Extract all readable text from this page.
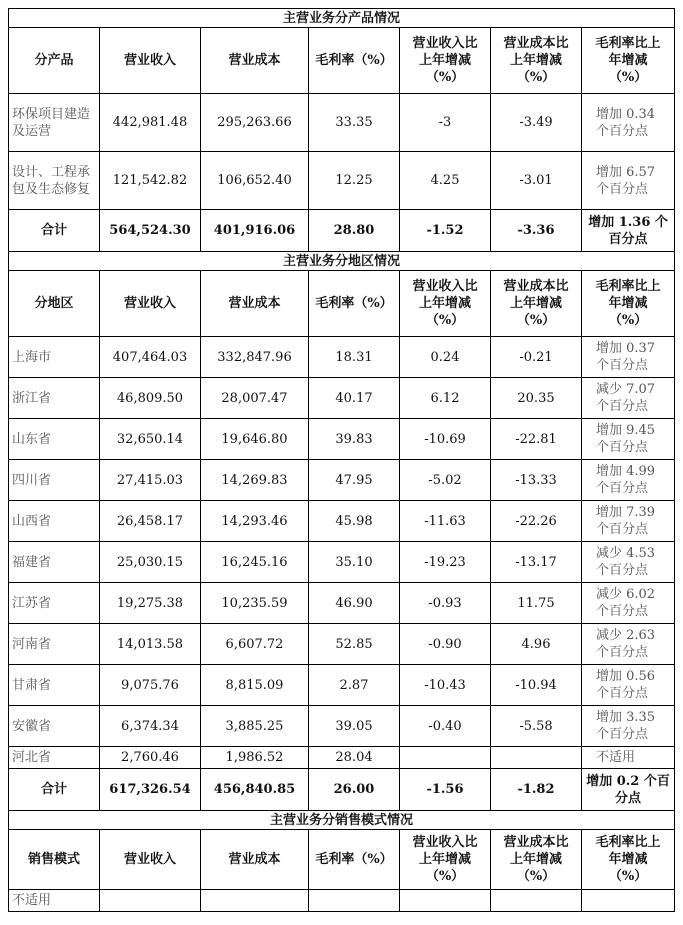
主营业务分产品情况						
分产品	营业收入	营业成本	毛利率（%）	营业收入比上年增减（%）	营业成本比上年增减（%）	毛利率比上年增减（%）
环保项目建造及运营	442,981.48	295,263.66	33.35	-3	-3.49	增加 0.34 个百分点
设计、工程承包及生态修复	121,542.82	106,652.40	12.25	4.25	-3.01	增加 6.57 个百分点
合计	564,524.30	401,916.06	28.80	-1.52	-3.36	增加 1.36 个百分点
主营业务分地区情况						
分地区	营业收入	营业成本	毛利率（%）	营业收入比上年增减（%）	营业成本比上年增减（%）	毛利率比上年增减（%）
上海市	407,464.03	332,847.96	18.31	0.24	-0.21	增加 0.37 个百分点
浙江省	46,809.50	28,007.47	40.17	6.12	20.35	减少 7.07 个百分点
山东省	32,650.14	19,646.80	39.83	-10.69	-22.81	增加 9.45 个百分点
四川省	27,415.03	14,269.83	47.95	-5.02	-13.33	增加 4.99 个百分点
山西省	26,458.17	14,293.46	45.98	-11.63	-22.26	增加 7.39 个百分点
福建省	25,030.15	16,245.16	35.10	-19.23	-13.17	减少 4.53 个百分点
江苏省	19,275.38	10,235.59	46.90	-0.93	11.75	减少 6.02 个百分点
河南省	14,013.58	6,607.72	52.85	-0.90	4.96	减少 2.63 个百分点
甘肃省	9,075.76	8,815.09	2.87	-10.43	-10.94	增加 0.56 个百分点
安徽省	6,374.34	3,885.25	39.05	-0.40	-5.58	增加 3.35 个百分点
河北省	2,760.46	1,986.52	28.04			不适用
合计	617,326.54	456,840.85	26.00	-1.56	-1.82	增加 0.2 个百分点
主营业务分销售模式情况						
销售模式	营业收入	营业成本	毛利率（%）	营业收入比上年增减（%）	营业成本比上年增减（%）	毛利率比上年增减（%）
不适用						
